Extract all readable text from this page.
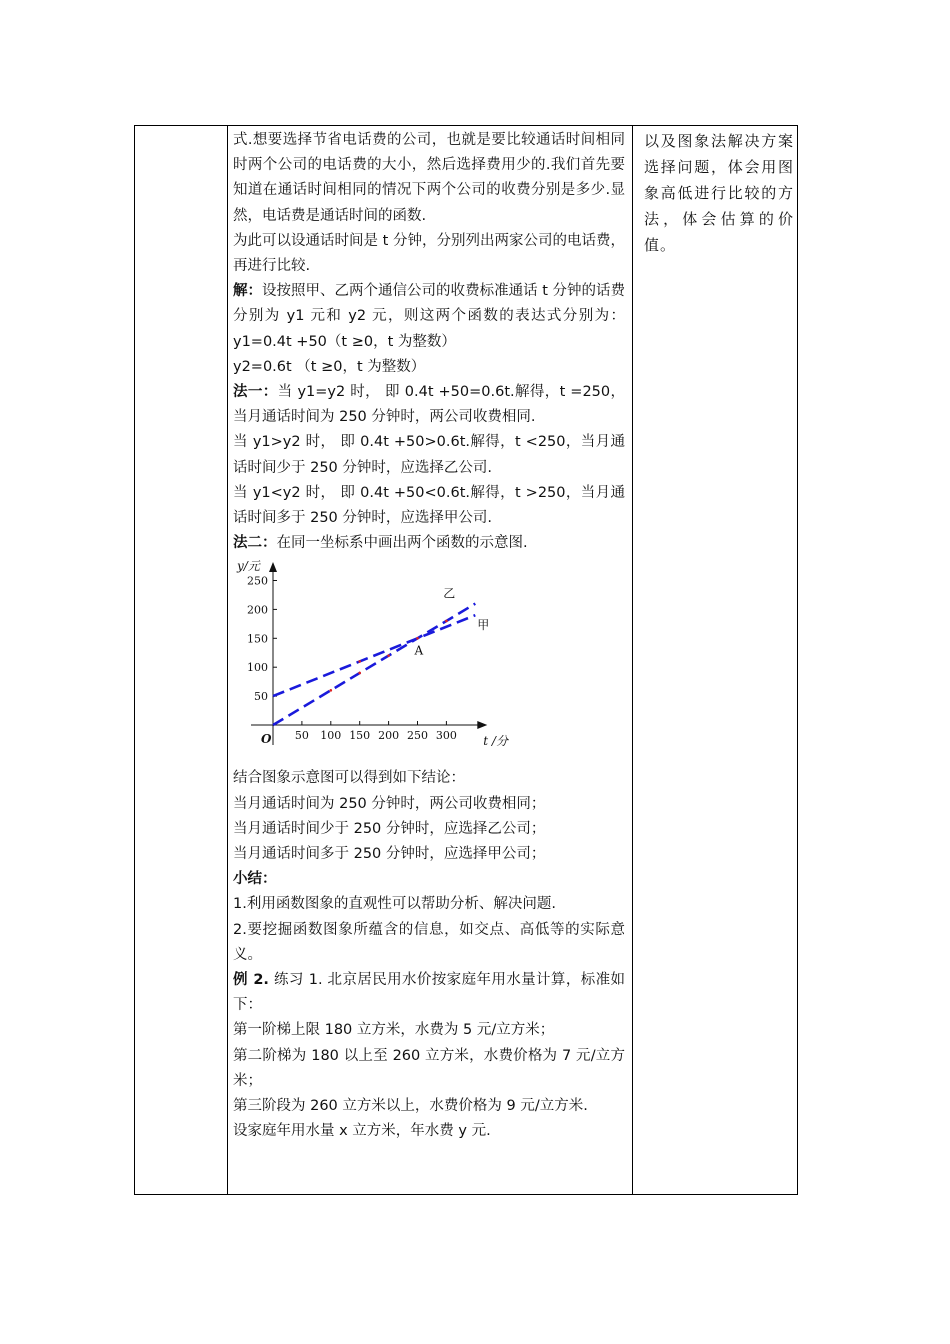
式.想要选择节省电话费的公司，也就是要比较通话时间相同时两个公司的电话费的大小，然后选择费用少的.我们首先要知道在通话时间相同的情况下两个公司的收费分别是多少.显然，电话费是通话时间的函数.

为此可以设通话时间是 t 分钟，分别列出两家公司的电话费，再进行比较.

解：设按照甲、乙两个通信公司的收费标准通话 t 分钟的话费分别为 y1 元和 y2 元，则这两个函数的表达式分别为：y1=0.4t +50（t ≥0，t 为整数）

y2=0.6t （t ≥0，t 为整数）

法一：当 y1=y2 时， 即 0.4t +50=0.6t.解得，t =250，当月通话时间为 250 分钟时，两公司收费相同.

当 y1>y2 时， 即 0.4t +50>0.6t.解得，t <250，当月通话时间少于 250 分钟时，应选择乙公司.

当 y1<y2 时， 即 0.4t +50<0.6t.解得，t >250，当月通话时间多于 250 分钟时，应选择甲公司.

法二：在同一坐标系中画出两个函数的示意图.

50 100 150 200 250 300
50
100
150
200
250
y/元
t /分
O
甲
乙
A

结合图象示意图可以得到如下结论：

当月通话时间为 250 分钟时，两公司收费相同；

当月通话时间少于 250 分钟时，应选择乙公司；

当月通话时间多于 250 分钟时，应选择甲公司；

小结：

1.利用函数图象的直观性可以帮助分析、解决问题.

2.要挖掘函数图象所蕴含的信息，如交点、高低等的实际意义。

例 2. 练习 1. 北京居民用水价按家庭年用水量计算，标准如下：

第一阶梯上限 180 立方米，水费为 5 元/立方米；

第二阶梯为 180 以上至 260 立方米，水费价格为 7 元/立方米；

第三阶段为 260 立方米以上，水费价格为 9 元/立方米.

设家庭年用水量 x 立方米，年水费 y 元.

以及图象法解决方案选择问题，体会用图象高低进行比较的方法，体会估算的价值。
